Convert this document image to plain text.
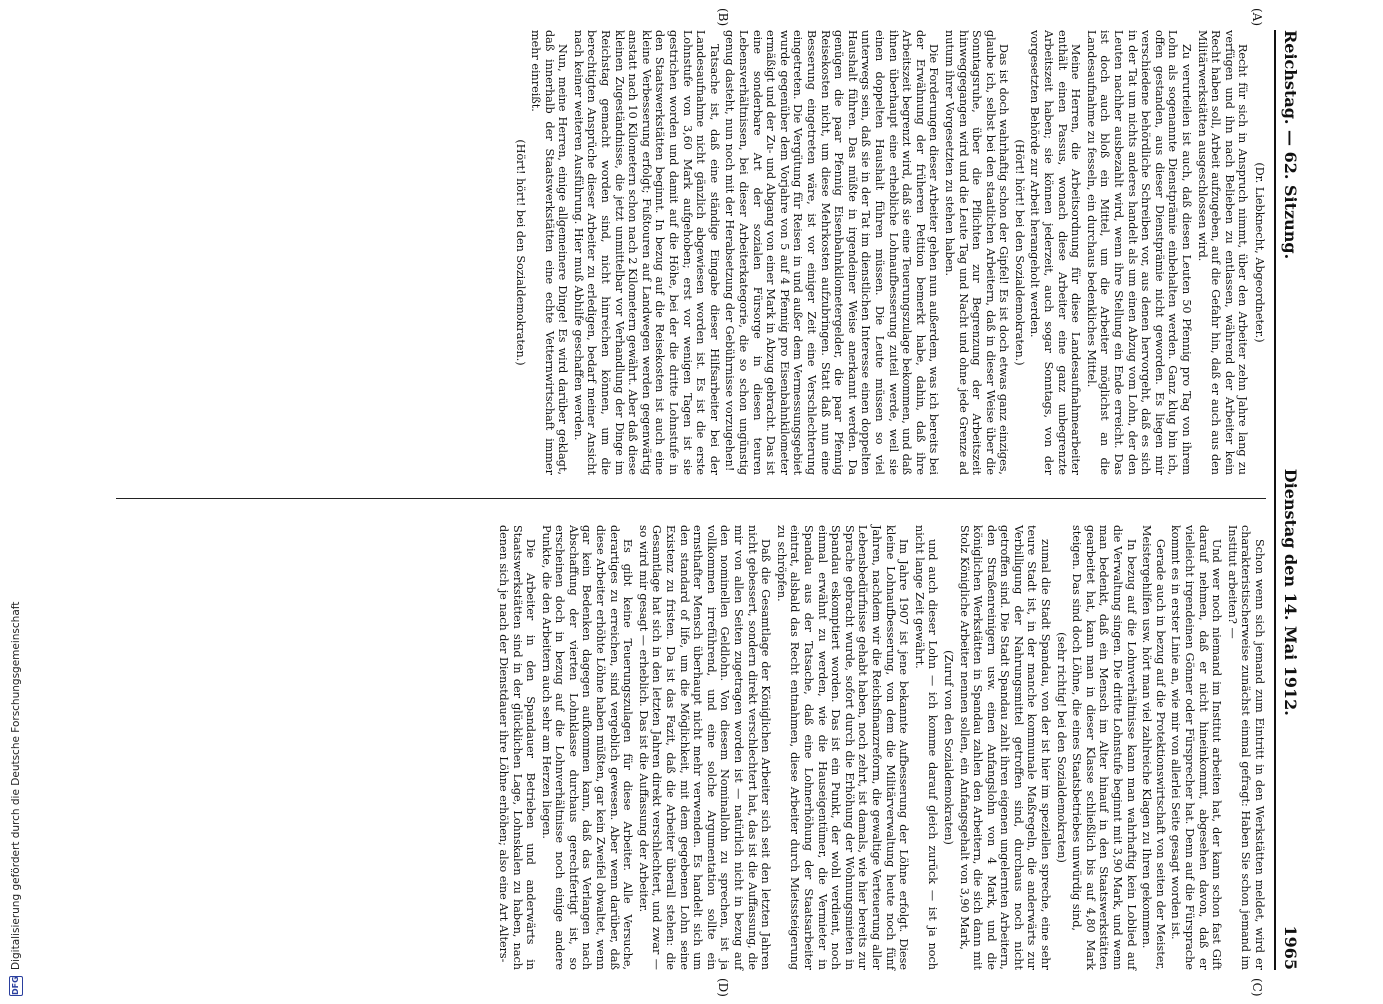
DFG
Digitalisierung gefördert durch die Deutsche Forschungsgemeinschaft
Reichstag. — 62. Sitzung.
Dienstag den 14. Mai 1912.
1965
(A)
(B)
(C)
(D)
(Dr. Liebknecht, Abgeordneter.)

Recht für sich in Anspruch nimmt, über den Arbeiter zehn Jahre lang zu verfügen und ihn nach Belieben zu entlassen, während der Arbeiter kein Recht haben soll, Arbeit aufzugeben, auf die Gefahr hin, daß er auch aus den Militärwerkstätten ausgeschlossen wird.

Zu verurteilen ist auch, daß diesen Leuten 50 Pfennig pro Tag von ihrem Lohn als sogenannte Dienstprämie einbehalten werden. Ganz klug bin ich, offen gestanden, aus dieser Dienstprämie nicht geworden. Es liegen mir verschiedene behördliche Schreiben vor, aus denen hervorgeht, daß es sich in der Tat um nichts anderes handelt als um einen Abzug vom Lohn, der den Leuten nachher ausbezahlt wird, wenn ihre Stellung ein Ende erreicht. Das ist doch auch bloß ein Mittel, um die Arbeiter möglichst an die Landesaufnahme zu fesseln, ein durchaus bedenkliches Mittel.

Meine Herren, die Arbeitsordnung für diese Landesaufnahmearbeiter enthält einen Passus, wonach diese Arbeiter eine ganz unbegrenzte Arbeitszeit haben; sie können jederzeit, auch sogar Sonntags, von der vorgesetzten Behörde zur Arbeit herangeholt werden.

(Hört! hört! bei den Sozialdemokraten.)

Das ist doch wahrhaftig schon der Gipfel! Es ist doch etwas ganz einziges, glaube ich, selbst bei den staatlichen Arbeitern, daß in dieser Weise über die Sonntagsruhe, über die Pflichten zur Begrenzung der Arbeitszeit hinweggegangen wird und die Leute Tag und Nacht und ohne jede Grenze ad nutum ihrer Vorgesetzten zu stehen haben.

Die Forderungen dieser Arbeiter gehen nun außerdem, was ich bereits bei der Erwähnung der früheren Petition bemerkt habe, dahin, daß ihre Arbeitszeit begrenzt wird, daß sie eine Teuerungszulage bekommen, und daß ihnen überhaupt eine erhebliche Lohnaufbesserung zuteil werde, weil sie einen doppelten Haushalt führen müssen. Die Leute müssen so viel unterwegs sein, daß sie in der Tat im dienstlichen Interesse einen doppelten Haushalt führen. Das müßte in irgendeiner Weise anerkannt werden. Da genügen die paar Pfennig Eisenbahnkilometergelder, die paar Pfennig Reisekosten nicht, um diese Mehrkosten aufzubringen. Statt daß nun eine Besserung eingetreten wäre, ist vor einiger Zeit eine Verschlechterung eingetreten. Die Vergütung für Reisen in und außer dem Vermessungsgebiet wurde gegenüber dem Vorjahre von 5 auf 4 Pfennig pro Eisenbahnkilometer ermäßigt und der Zu- und Abgang von einer Mark in Abzug gebracht. Das ist eine sonderbare Art der sozialen Fürsorge in diesen teuren Lebensverhältnissen, bei dieser Arbeiterkategorie, die so schon ungünstig genug dasteht, nun noch mit der Herabsetzung der Gebührnisse vorzugehen!

Tatsache ist, daß eine ständige Eingabe dieser Hilfsarbeiter bei der Landesaufnahme nicht gänzlich abgewiesen worden ist. Es ist die erste Lohnstufe von 3,60 Mark aufgehoben; erst vor wenigen Tagen ist sie gestrichen worden und damit auf die Höhe, bei der die dritte Lohnstufe in den Staatswerkstätten beginnt. In bezug auf die Reisekosten ist auch eine kleine Verbesserung erfolgt; Fußtouren auf Landwegen werden gegenwärtig anstatt nach 10 Kilometern schon nach 2 Kilometern gewährt. Aber daß diese kleinen Zugeständnisse, die jetzt unmittelbar vor Verhandlung der Dinge im Reichstag gemacht worden sind, nicht hinreichen können, um die berechtigten Ansprüche dieser Arbeiter zu erledigen, bedarf meiner Ansicht nach keiner weiteren Ausführung. Hier muß Abhilfe geschaffen werden.

Nun, meine Herren, einige allgemeinere Dinge! Es wird darüber geklagt, daß innerhalb der Staatswerkstätten eine echte Vetternwirtschaft immer mehr einreißt.

(Hört! hört! bei den Sozialdemokraten.)

Schon wenn sich jemand zum Eintritt in den Werkstätten meldet, wird er charakteristischerweise zunächst einmal gefragt: Haben Sie schon jemand im Institut arbeiten? —

Und wer noch niemand im Institut arbeiten hat, der kann schon fast Gift darauf nehmen, daß er nicht hineinkommt, abgesehen davon, daß er vielleicht irgendeinen Gönner oder Fürsprecher hat. Denn auf die Fürsprache kommt es in erster Linie an, wie mir von allerlei Seite gesagt worden ist.

Gerade auch in bezug auf die Protektionswirtschaft von seiten der Meister, Meistergehilfen usw. hört man viel zahlreiche Klagen zu Ihren gekommen.

In bezug auf die Lohnverhältnisse kann man wahrhaftig kein Loblied auf die Verwaltung singen. Die dritte Lohnstufe beginnt mit 3,90 Mark, und wenn man bedenkt, daß ein Mensch im Alter hinauf in den Staatswerkstätten gearbeitet hat, kann man in dieser Klasse schließlich bis auf 4,80 Mark steigen. Das sind doch Löhne, die eines Staatsbetriebes unwürdig sind,

(sehr richtig! bei den Sozialdemokraten)

zumal die Stadt Spandau, von der ist hier im speziellen spreche, eine sehr teure Stadt ist, in der manche kommunale Maßregeln, die anderwärts zur Verbilligung der Nahrungsmittel getroffen sind, durchaus noch nicht getroffen sind. Die Stadt Spandau zahlt ihren eigenen ungelernten Arbeitern, den Straßenreinigern usw. einen Anfangslohn von 4 Mark, und die königlichen Werkstätten in Spandau zahlen den Arbeitern, die sich dann mit Stolz Königliche Arbeiter nennen sollen, ein Anfangsgehalt von 3,90 Mark,

(Zuruf von den Sozialdemokraten)

und auch dieser Lohn — ich komme darauf gleich zurück — ist ja noch nicht lange Zeit gewährt.

Im Jahre 1907 ist jene bekannte Aufbesserung der Löhne erfolgt. Diese kleine Lohnaufbesserung, von dem die Militärverwaltung heute noch fünf Jahren, nachdem wir die Reichsfinanzreform, die gewaltige Verteuerung aller Lebensbedürfnisse gehabt haben, noch zehrt, ist damals, wie hier bereits zur Sprache gebracht wurde, sofort durch die Erhöhung der Wohnungsmieten in Spandau eskomptiert worden. Das ist ein Punkt, der wohl verdient, noch einmal erwähnt zu werden, wie die Hauseigentümer, die Vermieter in Spandau aus der Tatsache, daß eine Lohnerhöhung der Staatsarbeiter eintrat, alsbald das Recht entnahmen, diese Arbeiter durch Mietssteigerung zu schröpfen.

Daß die Gesamtlage der Königlichen Arbeiter sich seit den letzten Jahren nicht gebessert, sondern direkt verschlechtert hat, das ist die Auffassung, die mir von allen Seiten zugetragen worden ist — natürlich nicht in bezug auf den nominellen Geldlohn. Von diesem Nominallohn zu sprechen, ist ja vollkommen irreführend, und eine solche Argumentation sollte ein ernsthafter Mensch überhaupt nicht mehr verwenden. Es handelt sich um den standard of life, um die Möglichkeit, mit dem gegebenen Lohn seine Existenz zu fristen. Da ist das Fazit, daß die Arbeiter überall stehen: die Gesamtlage hat sich in den letzten Jahren direkt verschlechtert, und zwar — so wird mir gesagt — erheblich. Das ist die Auffassung der Arbeiter.

Es gibt keine Teuerungszulagen für diese Arbeiter. Alle Versuche, derartiges zu erreichen, sind vergeblich gewesen. Aber wenn darüber, daß diese Arbeiter erhöhte Löhne haben müßten, gar kein Zweifel obwaltet, wenn gar kein Bedenken dagegen aufkommen kann, daß das Verlangen nach Abschaffung der vierten Lohnklasse durchaus gerechtfertigt ist, so erscheinen doch in bezug auf die Lohnverhältnisse noch einige andere Punkte, die den Arbeitern auch sehr am Herzen liegen.

Die Arbeiter in den Spandauer Betrieben und anderwärts in Staatswerkstätten sind in der glücklichen Lage, Lohnskalen zu haben, nach denen sich je nach der Dienstdauer ihre Löhne erhöhen; also eine Art Alters-
